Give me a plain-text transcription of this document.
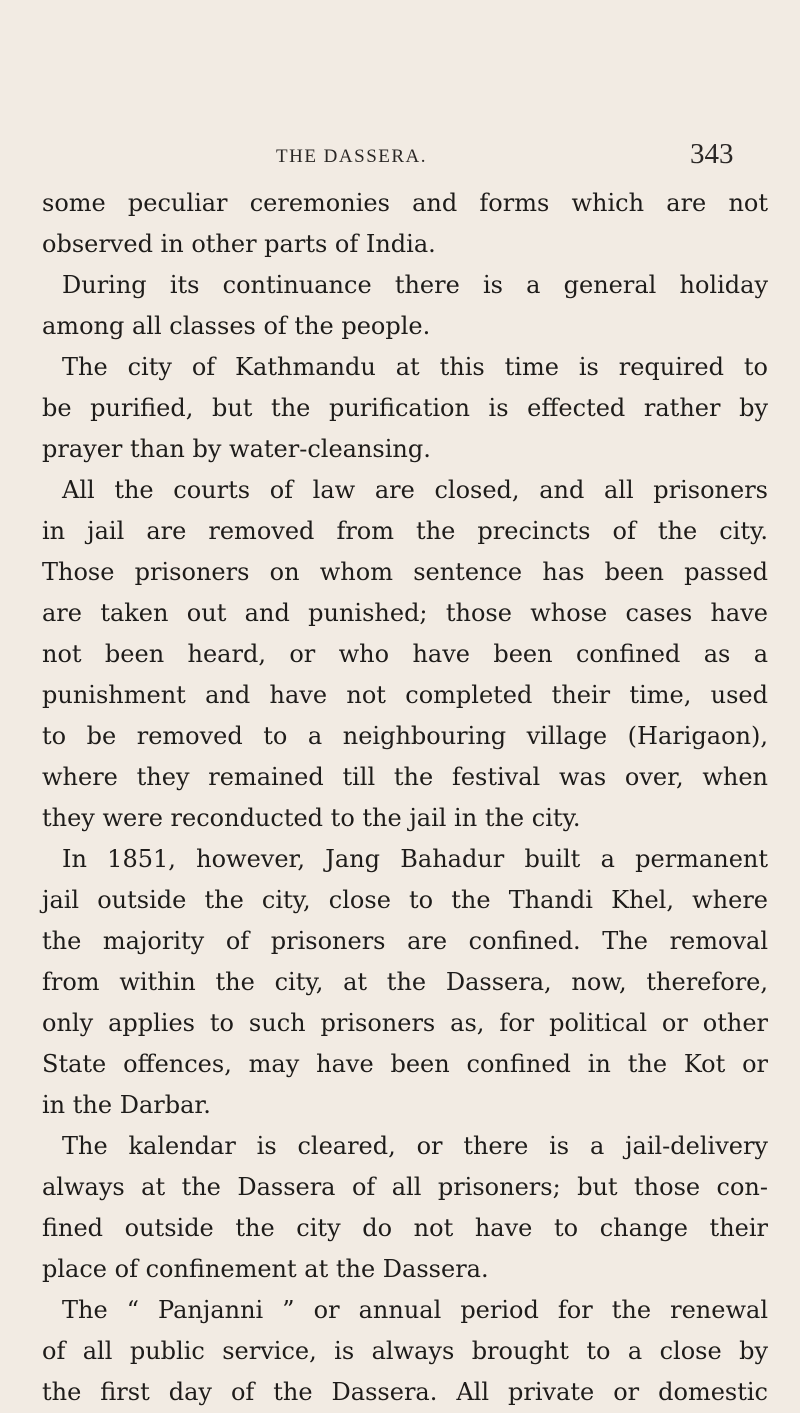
THE DASSERA.	343
some peculiar ceremonies and forms which are not
observed in other parts of India.
During its continuance there is a general holiday
among all classes of the people.
The city of Kathmandu at this time is required to
be purified, but the purification is effected rather by
prayer than by water-cleansing.
All the courts of law are closed, and all prisoners
in jail are removed from the precincts of the city.
Those prisoners on whom sentence has been passed
are taken out and punished; those whose cases have
not been heard, or who have been confined as a
punishment and have not completed their time, used
to be removed to a neighbouring village (Harigaon),
where they remained till the festival was over, when
they were reconducted to the jail in the city.
In 1851, however, Jang Bahadur built a permanent
jail outside the city, close to the Thandi Khel, where
the majority of prisoners are confined. The removal
from within the city, at the Dassera, now, therefore,
only applies to such prisoners as, for political or other
State offences, may have been confined in the Kot or
in the Darbar.
The kalendar is cleared, or there is a jail-delivery
always at the Dassera of all prisoners; but those con-
fined outside the city do not have to change their
place of confinement at the Dassera.
The “ Panjanni ” or annual period for the renewal
of all public service, is always brought to a close by
the first day of the Dassera. All private or domestic
